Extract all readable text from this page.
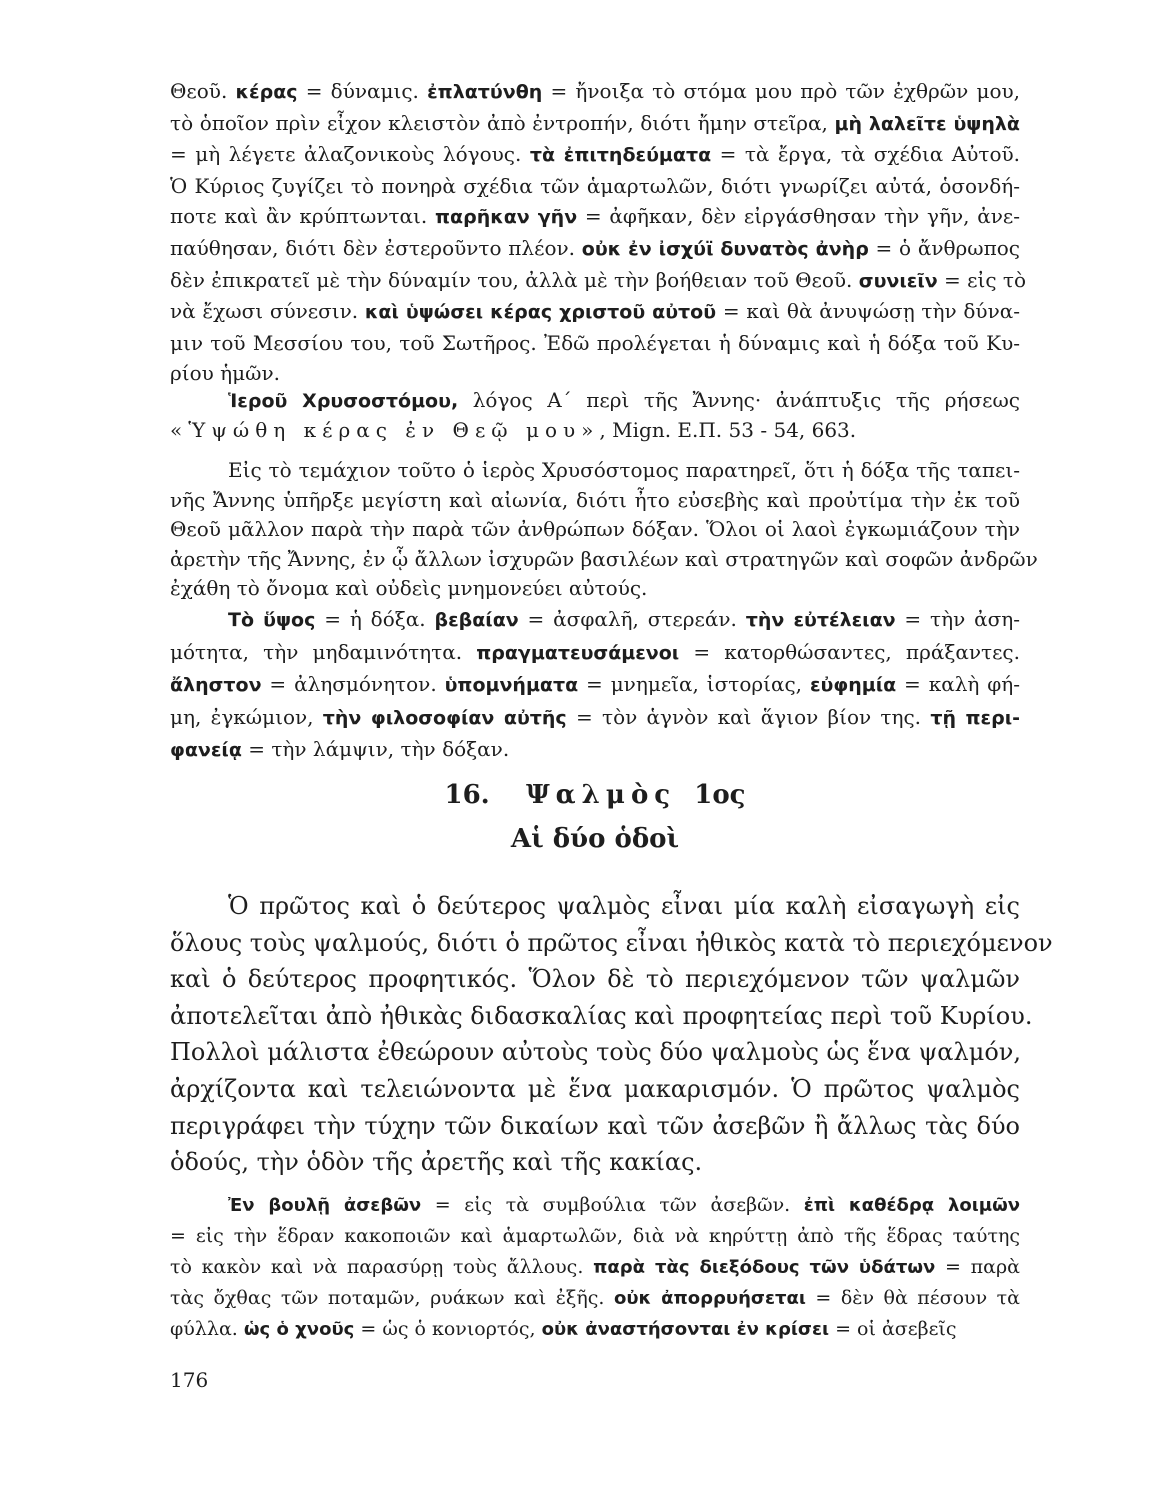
Θεοῦ. κέρας = δύναμις. ἐπλατύνθη = ἤνοιξα τὸ στόμα μου πρὸ τῶν ἐχθρῶν μου,
τὸ ὁποῖον πρὶν εἶχον κλειστὸν ἀπὸ ἐντροπήν, διότι ἤμην στεῖρα, μὴ λαλεῖτε ὑψηλὰ
= μὴ λέγετε ἀλαζονικοὺς λόγους. τὰ ἐπιτηδεύματα = τὰ ἔργα, τὰ σχέδια Αὐτοῦ.
Ὁ Κύριος ζυγίζει τὸ πονηρὰ σχέδια τῶν ἁμαρτωλῶν, διότι γνωρίζει αὐτά, ὁσονδή-
ποτε καὶ ἂν κρύπτωνται. παρῆκαν γῆν = ἀφῆκαν, δὲν εἰργάσθησαν τὴν γῆν, ἀνε-
παύθησαν, διότι δὲν ἐστεροῦντο πλέον. οὐκ ἐν ἰσχύϊ δυνατὸς ἀνὴρ = ὁ ἄνθρωπος
δὲν ἐπικρατεῖ μὲ τὴν δύναμίν του, ἀλλὰ μὲ τὴν βοήθειαν τοῦ Θεοῦ. συνιεῖν = εἰς τὸ
νὰ ἔχωσι σύνεσιν. καὶ ὑψώσει κέρας χριστοῦ αὐτοῦ = καὶ θὰ ἀνυψώσῃ τὴν δύνα-
μιν τοῦ Μεσσίου του, τοῦ Σωτῆρος. Ἐδῶ προλέγεται ἡ δύναμις καὶ ἡ δόξα τοῦ Κυ-
ρίου ἡμῶν.
Ἱεροῦ Χρυσοστόμου, λόγος Α΄ περὶ τῆς Ἄννης· ἀνάπτυξις τῆς ρήσεως
«Ὑψώθη κέρας ἐν Θεῷ μου», Mign. Ε.Π. 53 - 54, 663.
Εἰς τὸ τεμάχιον τοῦτο ὁ ἱερὸς Χρυσόστομος παρατηρεῖ, ὅτι ἡ δόξα τῆς ταπει-
νῆς Ἄννης ὑπῆρξε μεγίστη καὶ αἰωνία, διότι ἦτο εὐσεβὴς καὶ προὐτίμα τὴν ἐκ τοῦ
Θεοῦ μᾶλλον παρὰ τὴν παρὰ τῶν ἀνθρώπων δόξαν. Ὅλοι οἱ λαοὶ ἐγκωμιάζουν τὴν
ἀρετὴν τῆς Ἄννης, ἐν ᾧ ἄλλων ἰσχυρῶν βασιλέων καὶ στρατηγῶν καὶ σοφῶν ἀνδρῶν
ἐχάθη τὸ ὄνομα καὶ οὐδεὶς μνημονεύει αὐτούς.
Τὸ ὕψος = ἡ δόξα. βεβαίαν = ἀσφαλῆ, στερεάν. τὴν εὐτέλειαν = τὴν ἀση-
μότητα, τὴν μηδαμινότητα. πραγματευσάμενοι = κατορθώσαντες, πράξαντες.
ἄληστον = ἀλησμόνητον. ὑπομνήματα = μνημεῖα, ἱστορίας, εὐφημία = καλὴ φή-
μη, ἐγκώμιον, τὴν φιλοσοφίαν αὐτῆς = τὸν ἁγνὸν καὶ ἅγιον βίον της. τῇ περι-
φανείᾳ = τὴν λάμψιν, τὴν δόξαν.
16. Ψαλμὸς 1ος
Αἱ δύο ὁδοὶ
Ὁ πρῶτος καὶ ὁ δεύτερος ψαλμὸς εἶναι μία καλὴ εἰσαγωγὴ εἰς
ὅλους τοὺς ψαλμούς, διότι ὁ πρῶτος εἶναι ἠθικὸς κατὰ τὸ περιεχόμενον
καὶ ὁ δεύτερος προφητικός. Ὅλον δὲ τὸ περιεχόμενον τῶν ψαλμῶν
ἀποτελεῖται ἀπὸ ἠθικὰς διδασκαλίας καὶ προφητείας περὶ τοῦ Κυρίου.
Πολλοὶ μάλιστα ἐθεώρουν αὐτοὺς τοὺς δύο ψαλμοὺς ὡς ἕνα ψαλμόν,
ἀρχίζοντα καὶ τελειώνοντα μὲ ἕνα μακαρισμόν. Ὁ πρῶτος ψαλμὸς
περιγράφει τὴν τύχην τῶν δικαίων καὶ τῶν ἀσεβῶν ἢ ἄλλως τὰς δύο
ὁδούς, τὴν ὁδὸν τῆς ἀρετῆς καὶ τῆς κακίας.
Ἐν βουλῇ ἀσεβῶν = εἰς τὰ συμβούλια τῶν ἀσεβῶν. ἐπὶ καθέδρᾳ λοιμῶν
= εἰς τὴν ἕδραν κακοποιῶν καὶ ἁμαρτωλῶν, διὰ νὰ κηρύττῃ ἀπὸ τῆς ἕδρας ταύτης
τὸ κακὸν καὶ νὰ παρασύρῃ τοὺς ἄλλους. παρὰ τὰς διεξόδους τῶν ὑδάτων = παρὰ
τὰς ὄχθας τῶν ποταμῶν, ρυάκων καὶ ἐξῆς. οὐκ ἀπορρυήσεται = δὲν θὰ πέσουν τὰ
φύλλα. ὡς ὁ χνοῦς = ὡς ὁ κονιορτός, οὐκ ἀναστήσονται ἐν κρίσει = οἱ ἀσεβεῖς
176
